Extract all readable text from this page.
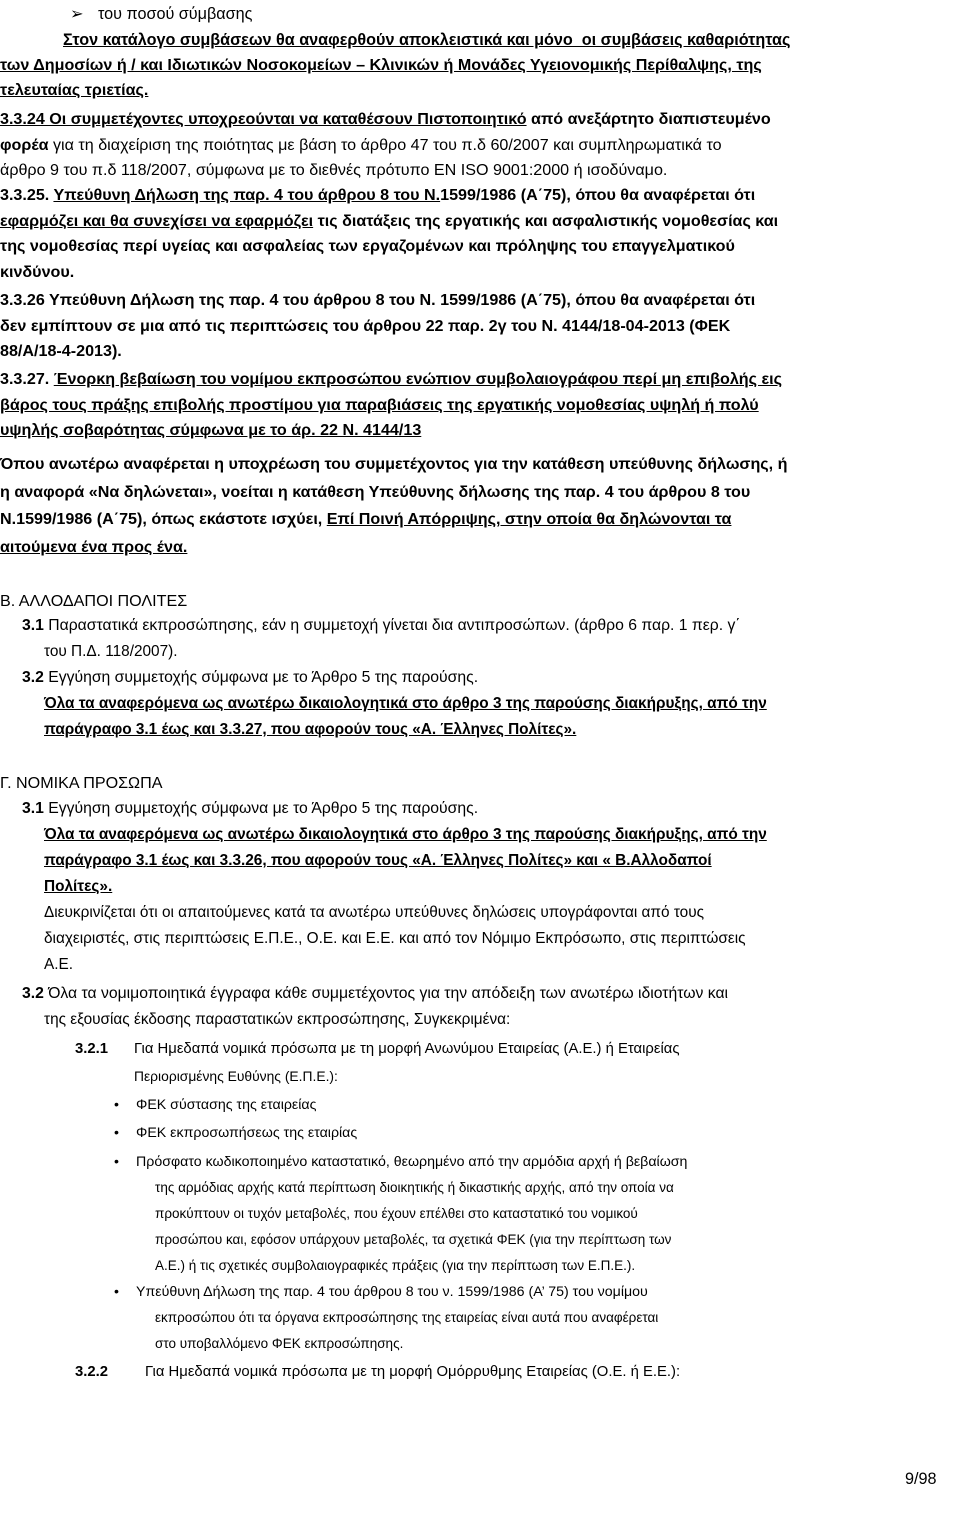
➢ του ποσού σύμβασης
Στον κατάλογο συμβάσεων θα αναφερθούν αποκλειστικά και μόνο  οι συμβάσεις καθαριότητας
των Δημοσίων ή / και Ιδιωτικών Νοσοκομείων – Κλινικών ή Μονάδες Υγειονομικής Περίθαλψης, της
τελευταίας τριετίας.
3.3.24 Οι συμμετέχοντες υποχρεούνται να καταθέσουν Πιστοποιητικό από ανεξάρτητο διαπιστευμένο
φορέα για τη διαχείριση της ποιότητας με βάση το άρθρο 47 του π.δ 60/2007 και συμπληρωματικά το
άρθρο 9 του π.δ 118/2007, σύμφωνα με το διεθνές πρότυπο EN ISO 9001:2000 ή ισοδύναμο.
3.3.25. Υπεύθυνη Δήλωση της παρ. 4 του άρθρου 8 του Ν.1599/1986 (Α΄75), όπου θα αναφέρεται ότι
εφαρμόζει και θα συνεχίσει να εφαρμόζει τις διατάξεις της εργατικής και ασφαλιστικής νομοθεσίας και
της νομοθεσίας περί υγείας και ασφαλείας των εργαζομένων και πρόληψης του επαγγελματικού
κινδύνου.
3.3.26 Υπεύθυνη Δήλωση της παρ. 4 του άρθρου 8 του Ν. 1599/1986 (Α΄75), όπου θα αναφέρεται ότι
δεν εμπίπτουν σε μια από τις περιπτώσεις του άρθρου 22 παρ. 2γ του Ν. 4144/18-04-2013 (ΦΕΚ
88/Α/18-4-2013).
3.3.27. Ένορκη βεβαίωση του νομίμου εκπροσώπου ενώπιον συμβολαιογράφου περί μη επιβολής εις
βάρος τους πράξης επιβολής προστίμου για παραβιάσεις της εργατικής νομοθεσίας υψηλή ή πολύ
υψηλής σοβαρότητας σύμφωνα με το άρ. 22 Ν. 4144/13
Όπου ανωτέρω αναφέρεται η υποχρέωση του συμμετέχοντος για την κατάθεση υπεύθυνης δήλωσης, ή
η αναφορά «Να δηλώνεται», νοείται η κατάθεση Υπεύθυνης δήλωσης της παρ. 4 του άρθρου 8 του
Ν.1599/1986 (Α΄75), όπως εκάστοτε ισχύει, Επί Ποινή Απόρριψης, στην οποία θα δηλώνονται τα
αιτούμενα ένα προς ένα.
Β. ΑΛΛΟΔΑΠΟΙ ΠΟΛΙΤΕΣ
3.1 Παραστατικά εκπροσώπησης, εάν η συμμετοχή γίνεται δια αντιπροσώπων. (άρθρο 6 παρ. 1 περ. γ΄
του Π.Δ. 118/2007).
3.2 Εγγύηση συμμετοχής σύμφωνα με το Άρθρο 5 της παρούσης.
Όλα τα αναφερόμενα ως ανωτέρω δικαιολογητικά στο άρθρο 3 της παρούσης διακήρυξης, από την
παράγραφο 3.1 έως και 3.3.27, που αφορούν τους «Α. Έλληνες Πολίτες».
Γ. ΝΟΜΙΚΑ ΠΡΟΣΩΠΑ
3.1 Εγγύηση συμμετοχής σύμφωνα με το Άρθρο 5 της παρούσης.
Όλα τα αναφερόμενα ως ανωτέρω δικαιολογητικά στο άρθρο 3 της παρούσης διακήρυξης, από την
παράγραφο 3.1 έως και 3.3.26, που αφορούν τους «Α. Έλληνες Πολίτες» και « Β.Αλλοδαποί
Πολίτες».
Διευκρινίζεται ότι οι απαιτούμενες κατά τα ανωτέρω υπεύθυνες δηλώσεις υπογράφονται από τους
διαχειριστές, στις περιπτώσεις Ε.Π.Ε., Ο.Ε. και Ε.Ε. και από τον Νόμιμο Εκπρόσωπο, στις περιπτώσεις
Α.Ε.
3.2 Όλα τα νομιμοποιητικά έγγραφα κάθε συμμετέχοντος για την απόδειξη των ανωτέρω ιδιοτήτων και
της εξουσίας έκδοσης παραστατικών εκπροσώπησης, Συγκεκριμένα:
3.2.1 Για Ημεδαπά νομικά πρόσωπα με τη μορφή Ανωνύμου Εταιρείας (Α.Ε.) ή Εταιρείας
Περιορισμένης Ευθύνης (Ε.Π.Ε.):
• ΦΕΚ σύστασης της εταιρείας
• ΦΕΚ εκπροσωπήσεως της εταιρίας
• Πρόσφατο κωδικοποιημένο καταστατικό, θεωρημένο από την αρμόδια αρχή ή βεβαίωση
της αρμόδιας αρχής κατά περίπτωση διοικητικής ή δικαστικής αρχής, από την οποία να
προκύπτουν οι τυχόν μεταβολές, που έχουν επέλθει στο καταστατικό του νομικού
προσώπου και, εφόσον υπάρχουν μεταβολές, τα σχετικά ΦΕΚ (για την περίπτωση των
Α.Ε.) ή τις σχετικές συμβολαιογραφικές πράξεις (για την περίπτωση των Ε.Π.Ε.).
• Υπεύθυνη Δήλωση της παρ. 4 του άρθρου 8 του ν. 1599/1986 (Α’ 75) του νομίμου
εκπροσώπου ότι τα όργανα εκπροσώπησης της εταιρείας είναι αυτά που αναφέρεται
στο υποβαλλόμενο ΦΕΚ εκπροσώπησης.
3.2.2 Για Ημεδαπά νομικά πρόσωπα με τη μορφή Ομόρρυθμης Εταιρείας (Ο.Ε. ή Ε.Ε.):
9/98
